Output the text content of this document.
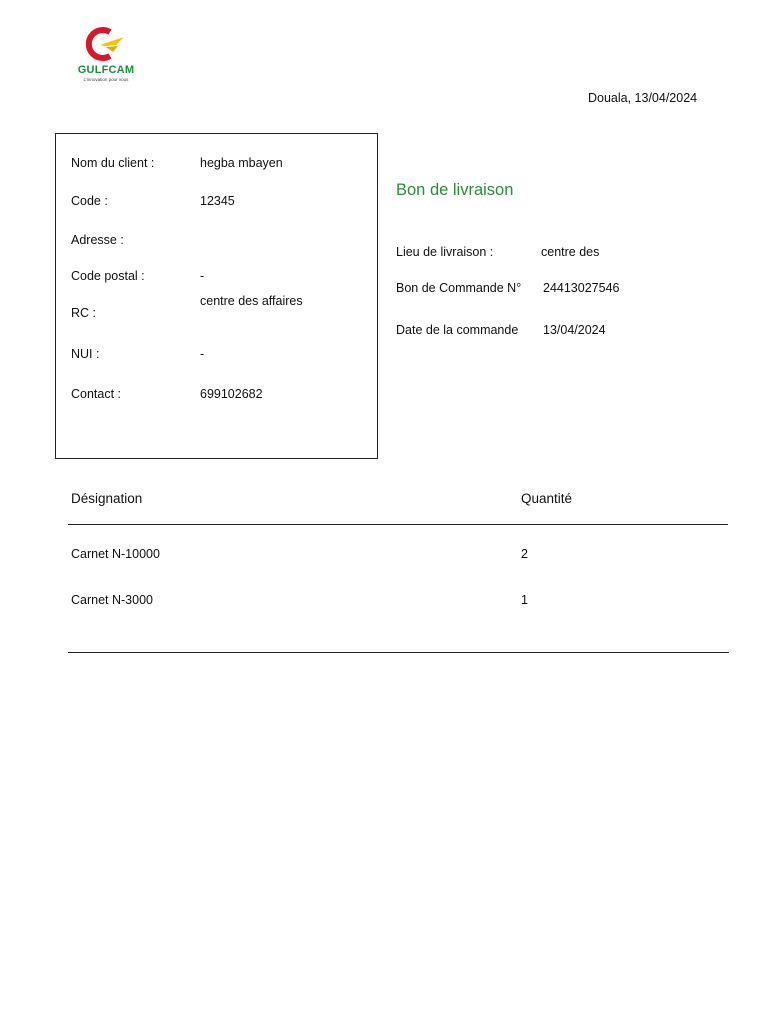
GULFCAM
L'innovation pour vous
Douala, 13/04/2024
Nom du client :	hegba mbayen
Code :	12345
Adresse :
Code postal :	-
RC :
centre des affaires
NUI :	-
Contact :	699102682
Bon de livraison
Lieu de livraison :	centre des
Bon de Commande N° 24413027546
Date de la commande 13/04/2024
Désignation	Quantité
Carnet N-10000	2
Carnet N-3000	1
